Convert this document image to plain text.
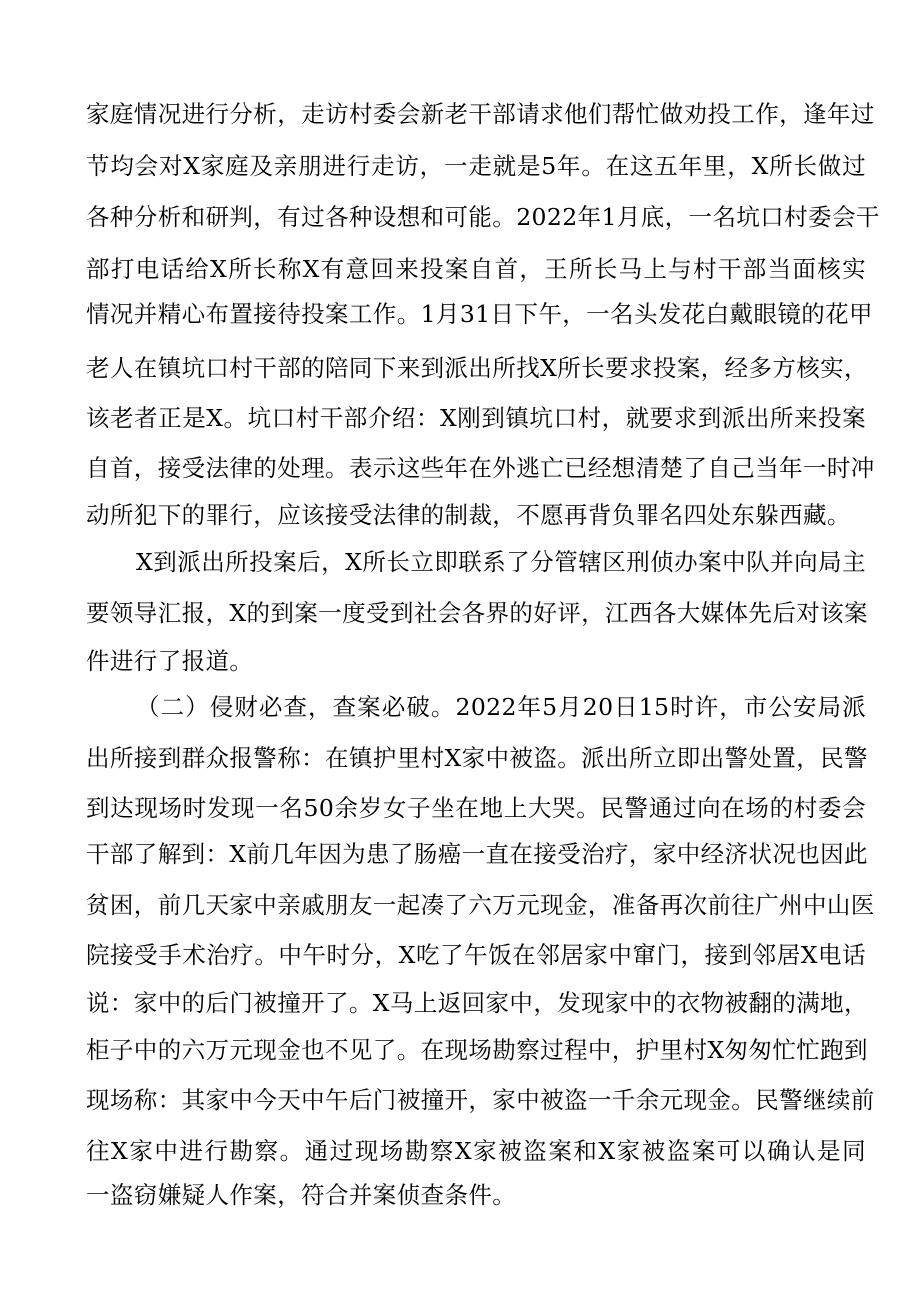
家庭情况进行分析，走访村委会新老干部请求他们帮忙做劝投工作，逢年过
节均会对X家庭及亲朋进行走访，一走就是5年。在这五年里，X所长做过
各种分析和研判，有过各种设想和可能。2022年1月底，一名坑口村委会干
部打电话给X所长称X有意回来投案自首，王所长马上与村干部当面核实
情况并精心布置接待投案工作。1月31日下午，一名头发花白戴眼镜的花甲
老人在镇坑口村干部的陪同下来到派出所找X所长要求投案，经多方核实，
该老者正是X。坑口村干部介绍：X刚到镇坑口村，就要求到派出所来投案
自首，接受法律的处理。表示这些年在外逃亡已经想清楚了自己当年一时冲
动所犯下的罪行，应该接受法律的制裁，不愿再背负罪名四处东躲西藏。
X到派出所投案后，X所长立即联系了分管辖区刑侦办案中队并向局主
要领导汇报，X的到案一度受到社会各界的好评，江西各大媒体先后对该案
件进行了报道。
（二）侵财必查，查案必破。2022年5月20日15时许，市公安局派
出所接到群众报警称：在镇护里村X家中被盗。派出所立即出警处置，民警
到达现场时发现一名50余岁女子坐在地上大哭。民警通过向在场的村委会
干部了解到：X前几年因为患了肠癌一直在接受治疗，家中经济状况也因此
贫困，前几天家中亲戚朋友一起凑了六万元现金，准备再次前往广州中山医
院接受手术治疗。中午时分，X吃了午饭在邻居家中窜门，接到邻居X电话
说：家中的后门被撞开了。X马上返回家中，发现家中的衣物被翻的满地，
柜子中的六万元现金也不见了。在现场勘察过程中，护里村X匆匆忙忙跑到
现场称：其家中今天中午后门被撞开，家中被盗一千余元现金。民警继续前
往X家中进行勘察。通过现场勘察X家被盗案和X家被盗案可以确认是同
一盗窃嫌疑人作案，符合并案侦查条件。
